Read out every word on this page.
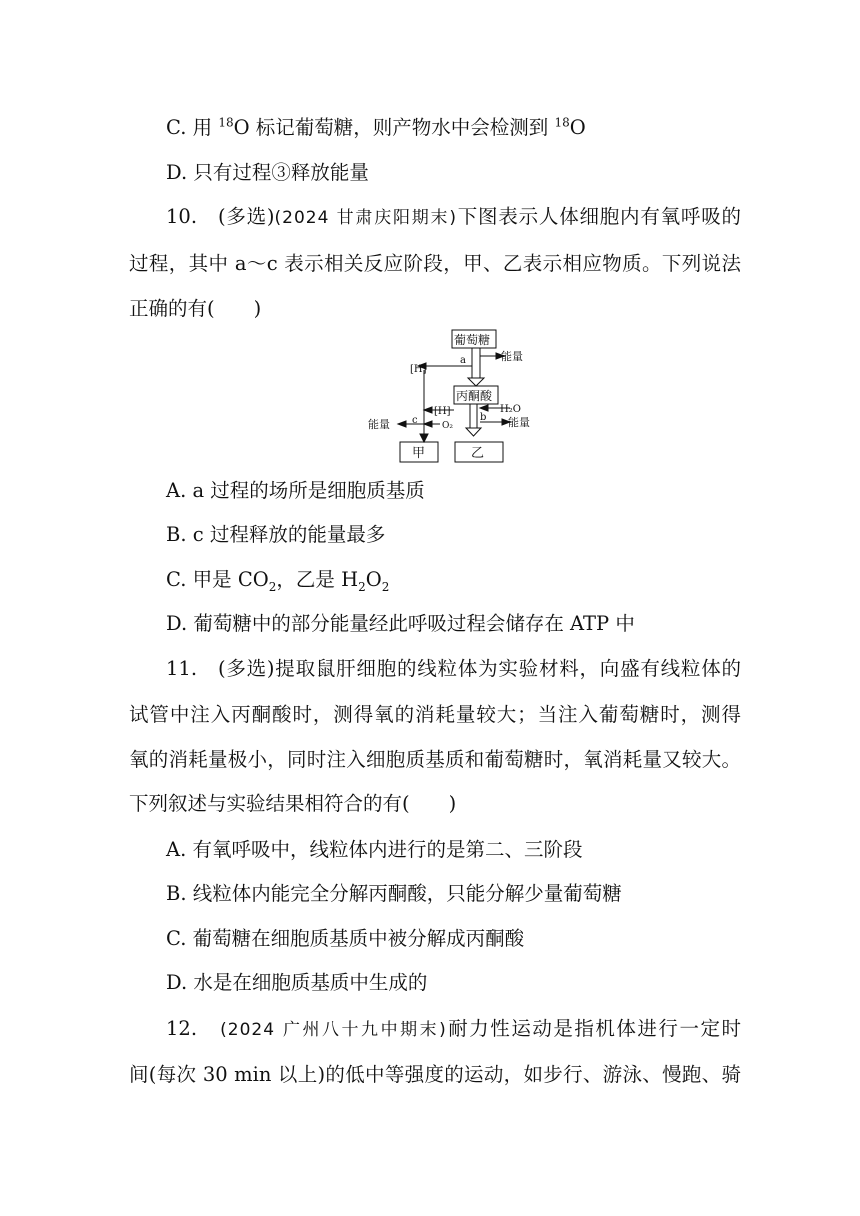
C. 用 $^{18}$O 标记葡萄糖，则产物水中会检测到 $^{18}$O
D. 只有过程③释放能量
10. (多选)(2024 甘肃庆阳期末)下图表示人体细胞内有氧呼吸的
过程，其中 a～c 表示相关反应阶段，甲、乙表示相应物质。下列说法
正确的有(　　)
葡萄糖
丙酮酸
[H]
a	能量
[H]	H₂O
b 能量
c	O₂
能量
甲	乙
A. a 过程的场所是细胞质基质
B. c 过程释放的能量最多
C. 甲是 $CO_2$，乙是 $H_2O_2$
D. 葡萄糖中的部分能量经此呼吸过程会储存在 ATP 中
11. (多选)提取鼠肝细胞的线粒体为实验材料，向盛有线粒体的
试管中注入丙酮酸时，测得氧的消耗量较大；当注入葡萄糖时，测得
氧的消耗量极小，同时注入细胞质基质和葡萄糖时，氧消耗量又较大。
下列叙述与实验结果相符合的有(　　)
A. 有氧呼吸中，线粒体内进行的是第二、三阶段
B. 线粒体内能完全分解丙酮酸，只能分解少量葡萄糖
C. 葡萄糖在细胞质基质中被分解成丙酮酸
D. 水是在细胞质基质中生成的
12. (2024 广州八十九中期末)耐力性运动是指机体进行一定时
间(每次 30 min 以上)的低中等强度的运动，如步行、游泳、慢跑、骑
